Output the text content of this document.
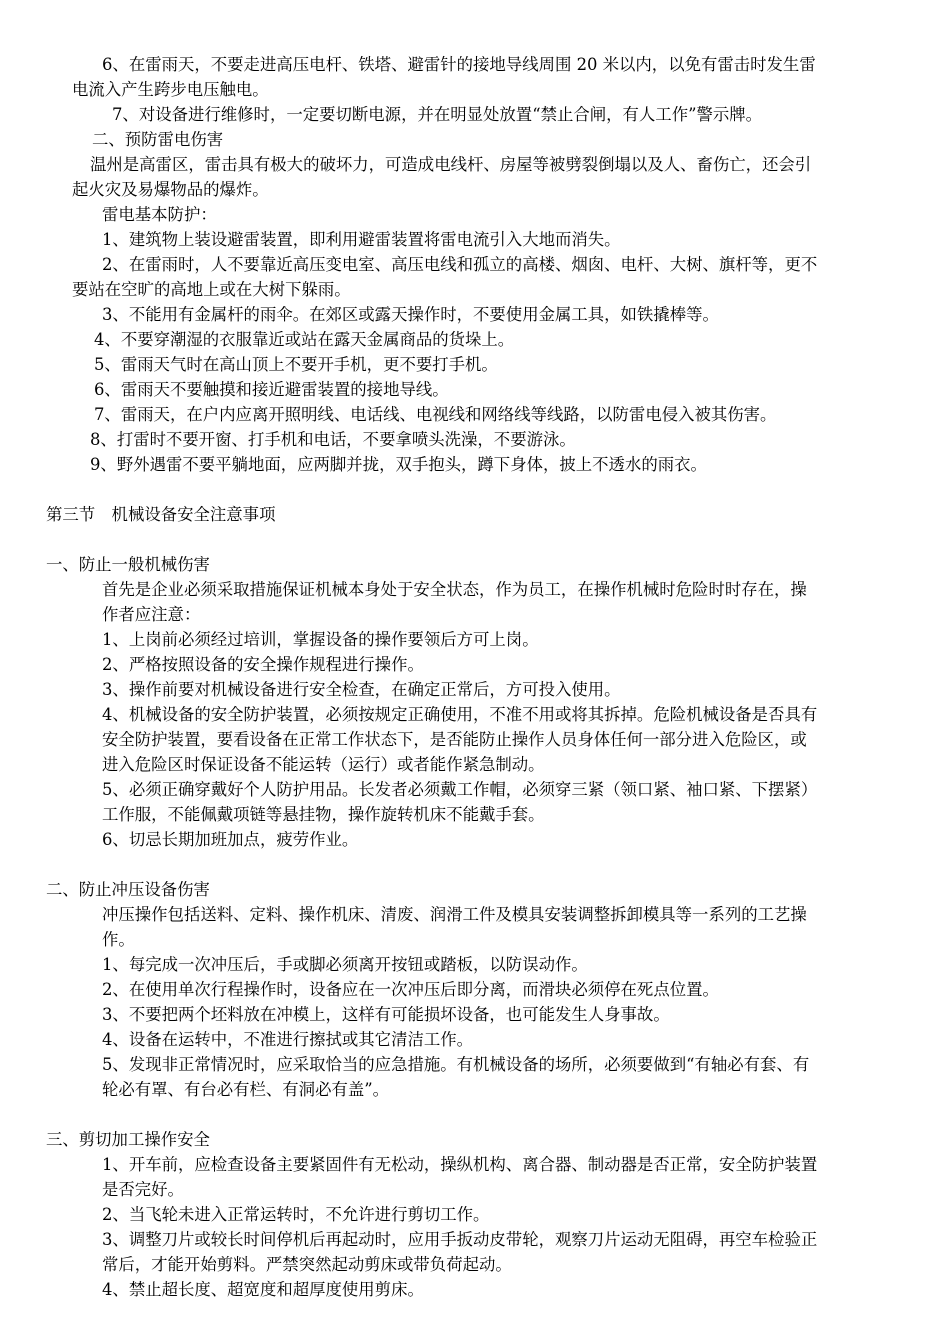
6、在雷雨天，不要走进高压电杆、铁塔、避雷针的接地导线周围 20 米以内，以免有雷击时发生雷
电流入产生跨步电压触电。
7、对设备进行维修时，一定要切断电源，并在明显处放置“禁止合闸，有人工作”警示牌。
二、预防雷电伤害
温州是高雷区，雷击具有极大的破坏力，可造成电线杆、房屋等被劈裂倒塌以及人、畜伤亡，还会引
起火灾及易爆物品的爆炸。
雷电基本防护：
1、建筑物上装设避雷装置，即利用避雷装置将雷电流引入大地而消失。
2、在雷雨时，人不要靠近高压变电室、高压电线和孤立的高楼、烟囱、电杆、大树、旗杆等，更不
要站在空旷的高地上或在大树下躲雨。
3、不能用有金属杆的雨伞。在郊区或露天操作时，不要使用金属工具，如铁撬棒等。
4、不要穿潮湿的衣服靠近或站在露天金属商品的货垛上。
5、雷雨天气时在高山顶上不要开手机，更不要打手机。
6、雷雨天不要触摸和接近避雷装置的接地导线。
7、雷雨天，在户内应离开照明线、电话线、电视线和网络线等线路，以防雷电侵入被其伤害。
8、打雷时不要开窗、打手机和电话，不要拿喷头洗澡，不要游泳。
9、野外遇雷不要平躺地面，应两脚并拢，双手抱头，蹲下身体，披上不透水的雨衣。
第三节　机械设备安全注意事项
一、防止一般机械伤害
首先是企业必须采取措施保证机械本身处于安全状态，作为员工，在操作机械时危险时时存在，操
作者应注意：
1、上岗前必须经过培训，掌握设备的操作要领后方可上岗。
2、严格按照设备的安全操作规程进行操作。
3、操作前要对机械设备进行安全检查，在确定正常后，方可投入使用。
4、机械设备的安全防护装置，必须按规定正确使用，不准不用或将其拆掉。危险机械设备是否具有
安全防护装置，要看设备在正常工作状态下，是否能防止操作人员身体任何一部分进入危险区，或
进入危险区时保证设备不能运转（运行）或者能作紧急制动。
5、必须正确穿戴好个人防护用品。长发者必须戴工作帽，必须穿三紧（领口紧、袖口紧、下摆紧）
工作服，不能佩戴项链等悬挂物，操作旋转机床不能戴手套。
6、切忌长期加班加点，疲劳作业。
二、防止冲压设备伤害
冲压操作包括送料、定料、操作机床、清废、润滑工件及模具安装调整拆卸模具等一系列的工艺操
作。
1、每完成一次冲压后，手或脚必须离开按钮或踏板，以防误动作。
2、在使用单次行程操作时，设备应在一次冲压后即分离，而滑块必须停在死点位置。
3、不要把两个坯料放在冲模上，这样有可能损坏设备，也可能发生人身事故。
4、设备在运转中，不准进行擦拭或其它清洁工作。
5、发现非正常情况时，应采取恰当的应急措施。有机械设备的场所，必须要做到“有轴必有套、有
轮必有罩、有台必有栏、有洞必有盖”。
三、剪切加工操作安全
1、开车前，应检查设备主要紧固件有无松动，操纵机构、离合器、制动器是否正常，安全防护装置
是否完好。
2、当飞轮未进入正常运转时，不允许进行剪切工作。
3、调整刀片或较长时间停机后再起动时，应用手扳动皮带轮，观察刀片运动无阻碍，再空车检验正
常后，才能开始剪料。严禁突然起动剪床或带负荷起动。
4、禁止超长度、超宽度和超厚度使用剪床。
